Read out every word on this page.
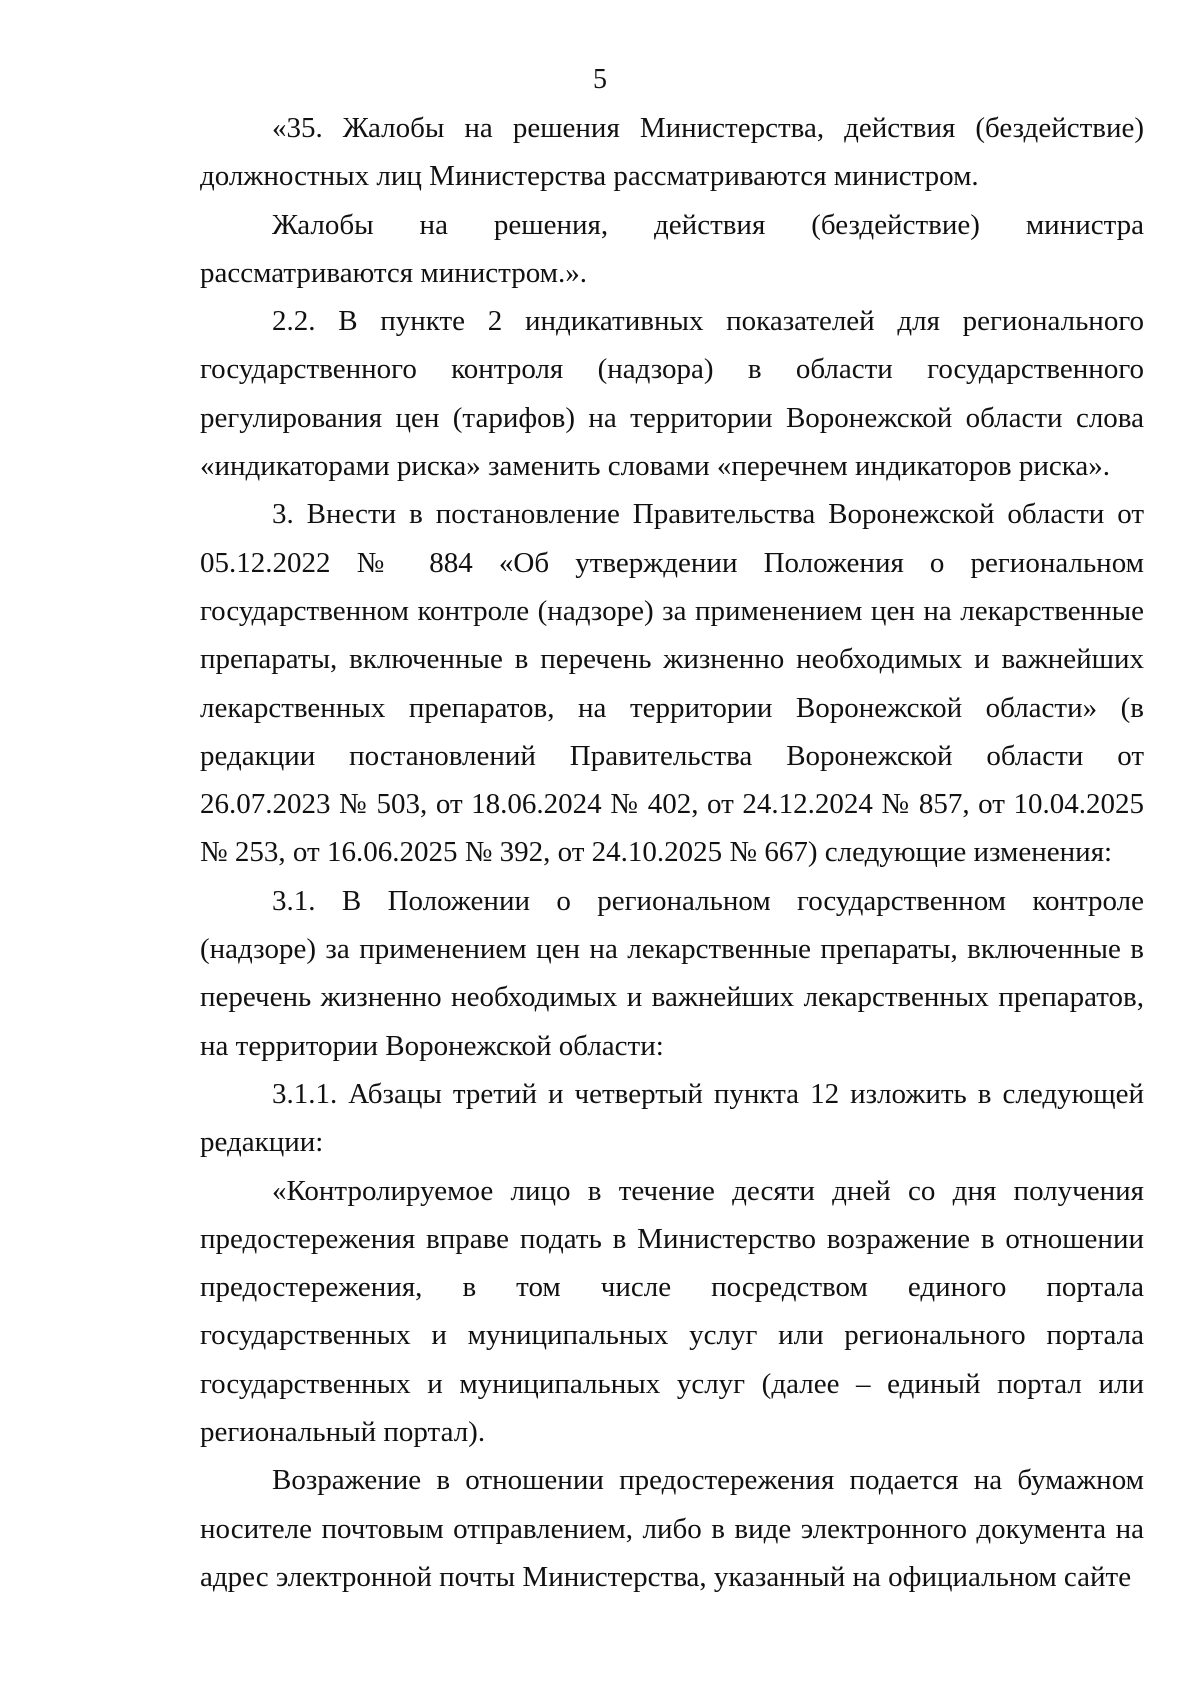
5

«35. Жалобы на решения Министерства, действия (бездействие) должностных лиц Министерства рассматриваются министром.

Жалобы на решения, действия (бездействие) министра рассматриваются министром.».

2.2. В пункте 2 индикативных показателей для регионального государственного контроля (надзора) в области государственного регулирования цен (тарифов) на территории Воронежской области слова «индикаторами риска» заменить словами «перечнем индикаторов риска».

3. Внести в постановление Правительства Воронежской области от 05.12.2022 № 884 «Об утверждении Положения о региональном государственном контроле (надзоре) за применением цен на лекарственные препараты, включенные в перечень жизненно необходимых и важнейших лекарственных препаратов, на территории Воронежской области» (в редакции постановлений Правительства Воронежской области от 26.07.2023 № 503, от 18.06.2024 № 402, от 24.12.2024 № 857, от 10.04.2025 № 253, от 16.06.2025 № 392, от 24.10.2025 № 667) следующие изменения:

3.1. В Положении о региональном государственном контроле (надзоре) за применением цен на лекарственные препараты, включенные в перечень жизненно необходимых и важнейших лекарственных препаратов, на территории Воронежской области:

3.1.1. Абзацы третий и четвертый пункта 12 изложить в следующей редакции:

«Контролируемое лицо в течение десяти дней со дня получения предостережения вправе подать в Министерство возражение в отношении предостережения, в том числе посредством единого портала государственных и муниципальных услуг или регионального портала государственных и муниципальных услуг (далее – единый портал или региональный портал).

Возражение в отношении предостережения подается на бумажном носителе почтовым отправлением, либо в виде электронного документа на адрес электронной почты Министерства, указанный на официальном сайте
